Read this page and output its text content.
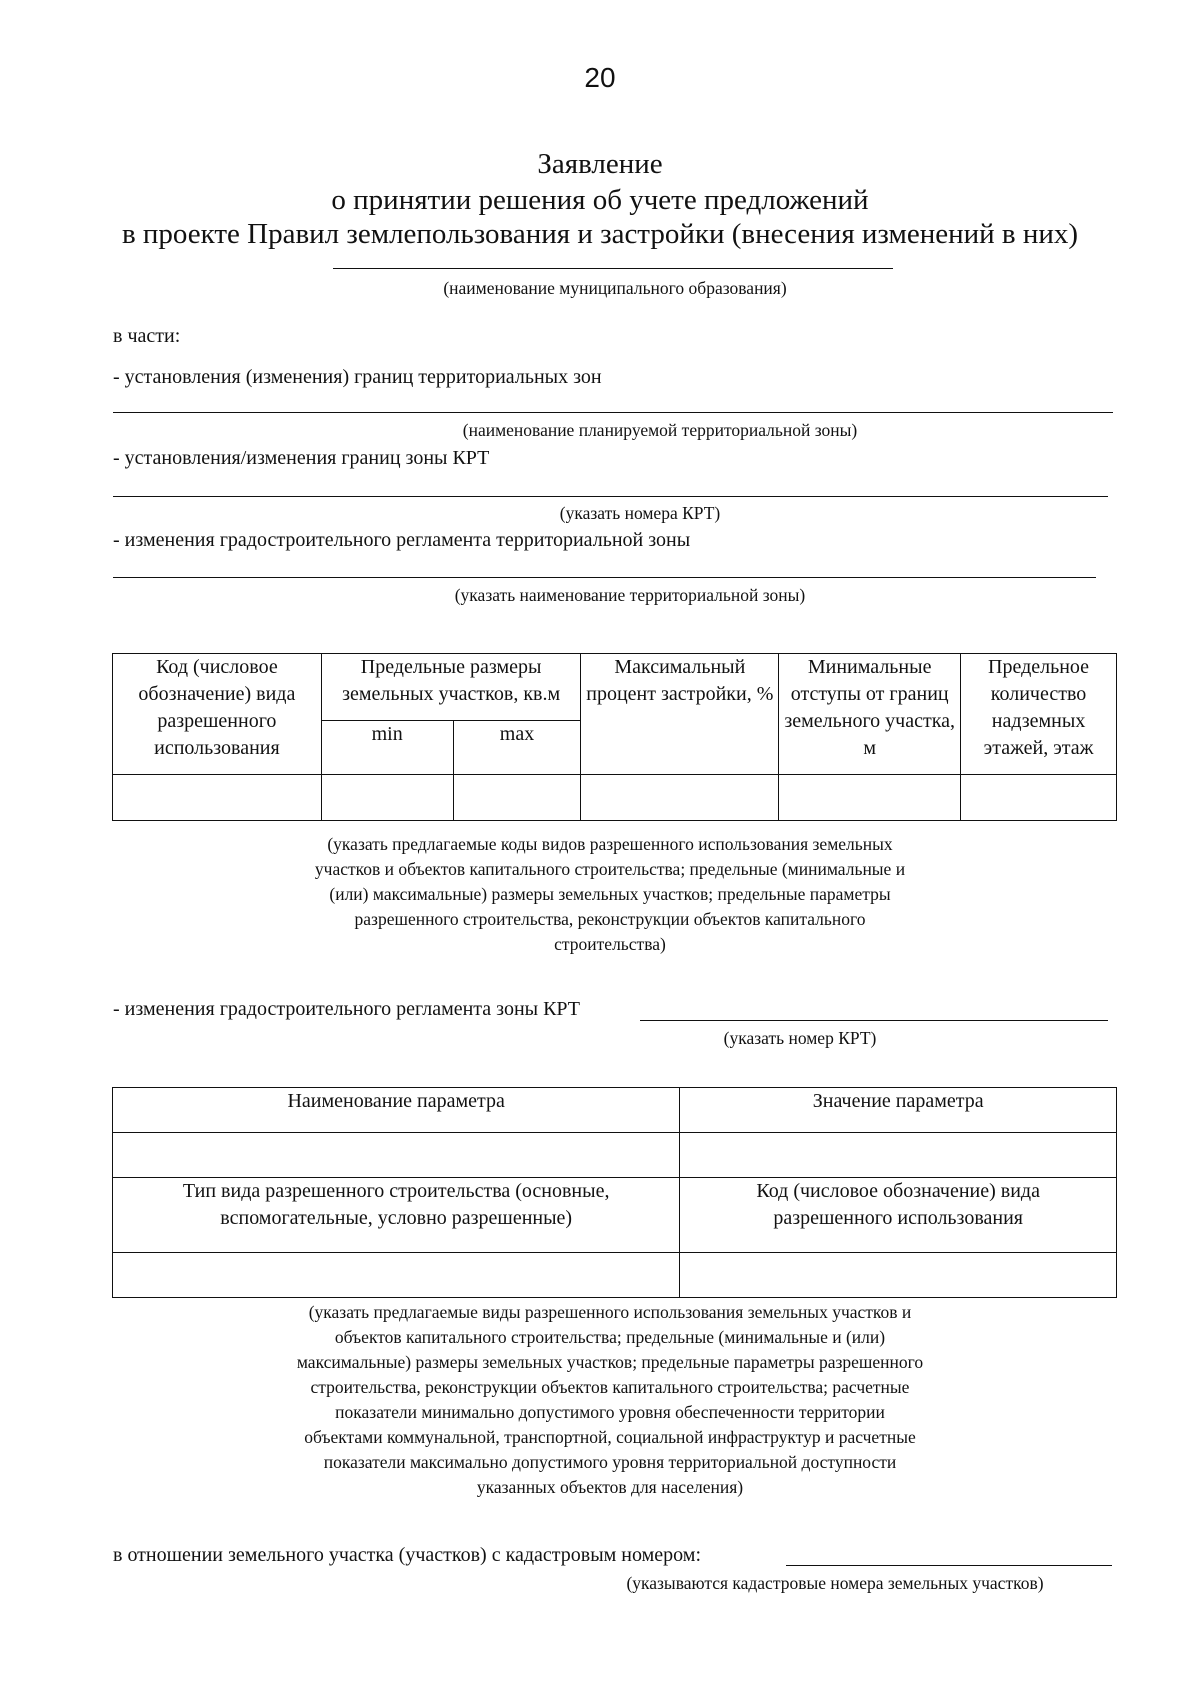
20
Заявление
о принятии решения об учете предложений
в проекте Правил землепользования и застройки (внесения изменений в них)
(наименование муниципального образования)
в части:
- установления (изменения) границ территориальных зон
(наименование планируемой территориальной зоны)
- установления/изменения границ зоны КРТ
(указать номера КРТ)
- изменения градостроительного регламента территориальной зоны
(указать наименование территориальной зоны)
Код (числовое обозначение) вида разрешенного использования	Предельные размеры земельных участков, кв.м		Максимальный процент застройки, %	Минимальные отступы от границ земельного участка, м	Предельное количество надземных этажей, этаж
	min	max			

(указать предлагаемые коды видов разрешенного использования земельных
участков и объектов капитального строительства; предельные (минимальные и
(или) максимальные) размеры земельных участков; предельные параметры
разрешенного строительства, реконструкции объектов капитального
строительства)
- изменения градостроительного регламента зоны КРТ
(указать номер КРТ)
Наименование параметра	Значение параметра

Тип вида разрешенного строительства (основные, вспомогательные, условно разрешенные)	Код (числовое обозначение) вида разрешенного использования

(указать предлагаемые виды разрешенного использования земельных участков и
объектов капитального строительства; предельные (минимальные и (или)
максимальные) размеры земельных участков; предельные параметры разрешенного
строительства, реконструкции объектов капитального строительства; расчетные
показатели минимально допустимого уровня обеспеченности территории
объектами коммунальной, транспортной, социальной инфраструктур и расчетные
показатели максимально допустимого уровня территориальной доступности
указанных объектов для населения)
в отношении земельного участка (участков) с кадастровым номером:
(указываются кадастровые номера земельных участков)
